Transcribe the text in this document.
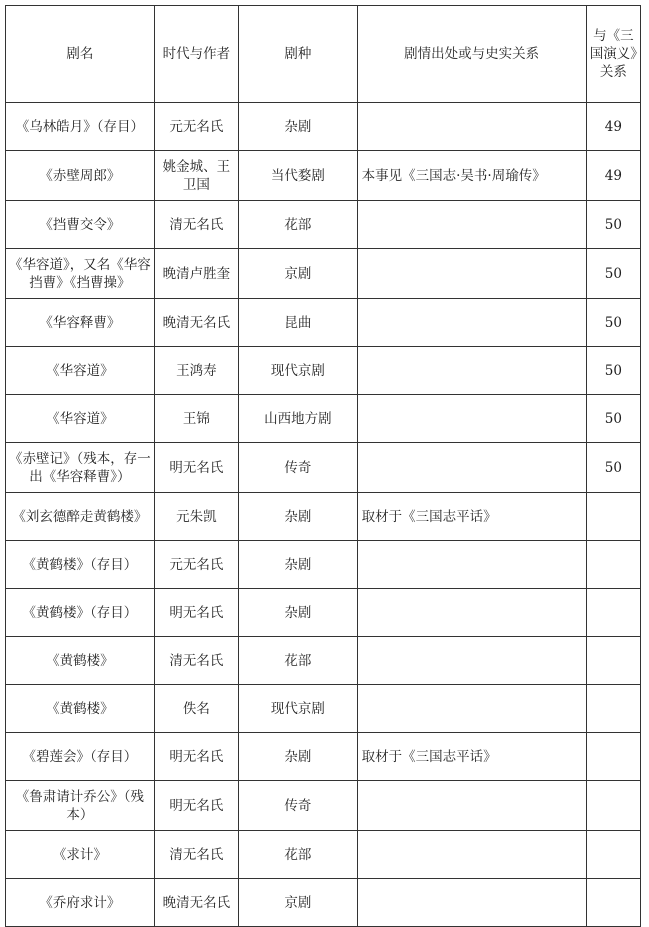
剧名	时代与作者	剧种	剧情出处或与史实关系	与《三国演义》关系
《乌林皓月》（存目）	元无名氏	杂剧		49
《赤壁周郎》	姚金城、王卫国	当代婺剧	本事见《三国志·吴书·周瑜传》	49
《挡曹交令》	清无名氏	花部		50
《华容道》，又名《华容挡曹》《挡曹操》	晚清卢胜奎	京剧		50
《华容释曹》	晚清无名氏	昆曲		50
《华容道》	王鸿寿	现代京剧		50
《华容道》	王锦	山西地方剧		50
《赤壁记》（残本，存一出《华容释曹》）	明无名氏	传奇		50
《刘玄德醉走黄鹤楼》	元朱凯	杂剧	取材于《三国志平话》	
《黄鹤楼》（存目）	元无名氏	杂剧		
《黄鹤楼》（存目）	明无名氏	杂剧		
《黄鹤楼》	清无名氏	花部		
《黄鹤楼》	佚名	现代京剧		
《碧莲会》（存目）	明无名氏	杂剧	取材于《三国志平话》	
《鲁肃请计乔公》（残本）	明无名氏	传奇		
《求计》	清无名氏	花部		
《乔府求计》	晚清无名氏	京剧		
